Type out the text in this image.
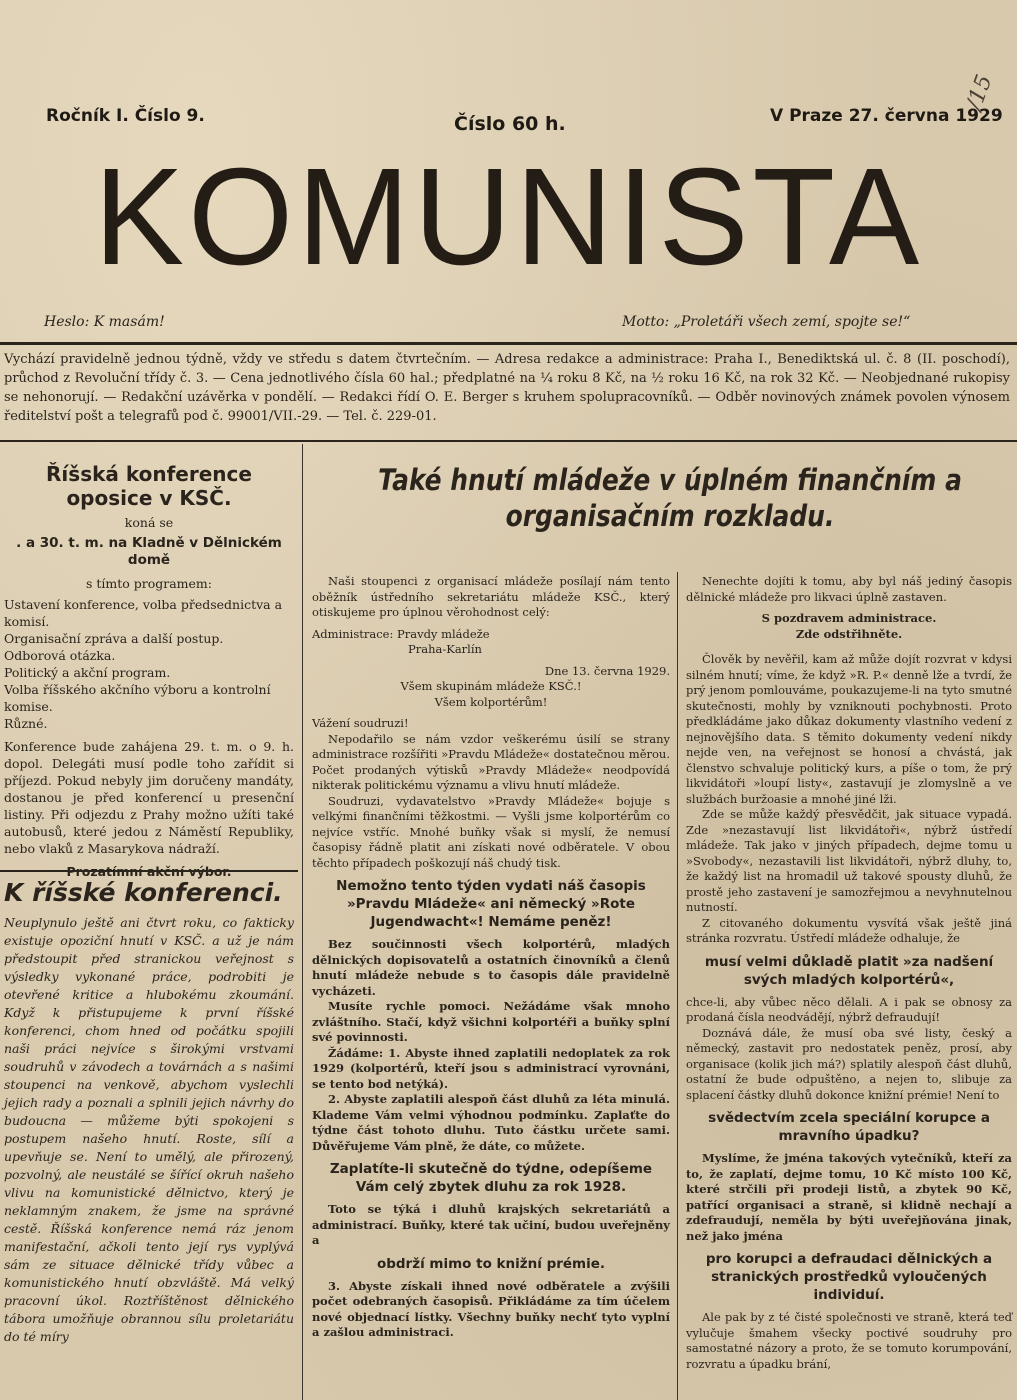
Ročník I. Číslo 9.	Číslo 60 h.	V Praze 27. června 1929
/15
KOMUNISTA
Heslo: K masám!	Motto: „Proletáři všech zemí, spojte se!“
Vychází pravidelně jednou týdně, vždy ve středu s datem čtvrtečním. — Adresa redakce a administrace: Praha I., Benediktská ul. č. 8 (II. poschodí), průchod z Revoluční třídy č. 3. — Cena jednotlivého čísla 60 hal.; předplatné na ¼ roku 8 Kč, na ½ roku 16 Kč, na rok 32 Kč. — Neobjednané rukopisy se nehonorují. — Redakční uzávěrka v pondělí. — Redakci řídí O. E. Berger s kruhem spolupracovníků. — Odběr novinových známek povolen výnosem ředitelství pošt a telegrafů pod č. 99001/VII.-29. — Tel. č. 229-01.
Říšská konference
oposice v KSČ.

koná se

. a 30. t. m. na Kladně v Dělnickém domě

s tímto programem:

Ustavení konference, volba předsednictva a komisí.

Organisační zpráva a další postup.

Odborová otázka.

Politický a akční program.

Volba říšského akčního výboru a kontrolní komise.

Různé.

Konference bude zahájena 29. t. m. o 9. h. dopol. Delegáti musí podle toho zařídit si příjezd. Pokud nebyly jim doručeny mandáty, dostanou je před konferencí u presenční listiny. Při odjezdu z Prahy možno užíti také autobusů, které jedou z Náměstí Republiky, nebo vlaků z Masarykova nádraží.

K říšské konferenci.

Neuplynulo ještě ani čtvrt roku, co fakticky existuje opoziční hnutí v KSČ. a už je nám předstoupit před stranickou veřejnost s výsledky vykonané práce, podrobiti je otevřené kritice a hlubokému zkoumání. Když k přistupujeme k první říšské konferenci, chom hned od počátku spojili naši práci nejvíce s širokými vrstvami soudruhů v závodech a továrnách a s našimi stoupenci na venkově, abychom vyslechli jejich rady a poznali a splnili jejich návrhy do budoucna — můžeme býti spokojeni s postupem našeho hnutí. Roste, sílí a upevňuje se. Není to umělý, ale přirozený, pozvolný, ale neustálé se šířící okruh našeho vlivu na komunistické dělnictvo, který je neklamným znakem, že jsme na správné cestě. Říšská konference nemá ráz jenom manifestační, ačkoli tento její rys vyplývá sám ze situace dělnické třídy vůbec a komunistického hnutí obzvláště. Má velký pracovní úkol. Roztříštěnost dělnického tábora umožňuje obrannou sílu proletariátu do té míry

Také hnutí mládeže v úplném finančním a organisačním rozkladu.

Naši stoupenci z organisací mládeže posílají nám tento oběžník ústředního sekretariátu mládeže KSČ., který otiskujeme pro úplnou věrohodnost celý:

Administrace: Pravdy mládeže

Praha-Karlín

Dne 13. června 1929.

Všem skupinám mládeže KSČ.!

Všem kolportérům!

Vážení soudruzi!

Nepodařilo se nám vzdor veškerému úsilí se strany administrace rozšířiti »Pravdu Mládeže« dostatečnou měrou. Počet prodaných výtisků »Pravdy Mládeže« neodpovídá nikterak politickému významu a vlivu hnutí mládeže.

Soudruzi, vydavatelstvo »Pravdy Mládeže« bojuje s velkými finančními těžkostmi. — Vyšli jsme kolportérům co nejvíce vstříc. Mnohé buňky však si myslí, že nemusí časopisy řádně platit ani získati nové odběratele. V obou těchto případech poškozují náš chudý tisk.

Nemožno tento týden vydati náš časopis »Pravdu Mládeže« ani německý »Rote Jugendwacht«! Nemáme peněz!

Bez součinnosti všech kolportérů, mladých dělnických dopisovatelů a ostatních činovníků a členů hnutí mládeže nebude s to časopis dále pravidelně vycházeti.

Musíte rychle pomoci. Nežádáme však mnoho zvláštního. Stačí, když všichni kolportéři a buňky splní své povinnosti.

Žádáme: 1. Abyste ihned zaplatili nedoplatek za rok 1929 (kolportérů, kteří jsou s administrací vyrovnáni, se tento bod netýká).

2. Abyste zaplatili alespoň část dluhů za léta minulá. Klademe Vám velmi výhodnou podmínku. Zaplaťte do týdne část tohoto dluhu. Tuto částku určete sami. Důvěřujeme Vám plně, že dáte, co můžete.

Zaplatíte-li skutečně do týdne, odepíšeme Vám celý zbytek dluhu za rok 1928.

Toto se týká i dluhů krajských sekretariátů a administrací. Buňky, které tak učiní, budou uveřejněny a

obdrží mimo to knižní prémie.

3. Abyste získali ihned nové odběratele a zvýšili počet odebraných časopisů. Přikládáme za tím účelem nové objednací lístky. Všechny buňky nechť tyto vyplní a zašlou administraci.

Nenechte dojíti k tomu, aby byl náš jediný časopis dělnické mládeže pro likvaci úplně zastaven.

S pozdravem administrace.

Zde odstřihněte.

Člověk by nevěřil, kam až může dojít rozvrat v kdysi silném hnutí; víme, že když »R. P.« denně lže a tvrdí, že prý jenom pomlouváme, poukazujeme-li na tyto smutné skutečnosti, mohly by vzniknouti pochybnosti. Proto předkládáme jako důkaz dokumenty vlastního vedení z nejnovějšího data. S těmito dokumenty vedení nikdy nejde ven, na veřejnost se honosí a chvástá, jak členstvo schvaluje politický kurs, a píše o tom, že prý likvidátoři »loupí listy«, zastavují je zlomyslně a ve službách buržoasie a mnohé jiné lži.

Zde se může každý přesvědčit, jak situace vypadá. Zde »nezastavují list likvidátoři«, nýbrž ústředí mládeže. Tak jako v jiných případech, dejme tomu u »Svobody«, nezastavili list likvidátoři, nýbrž dluhy, to, že každý list na hromadil už takové spousty dluhů, že prostě jeho zastavení je samozřejmou a nevyhnutelnou nutností.

Z citovaného dokumentu vysvítá však ještě jiná stránka rozvratu. Ústředí mládeže odhaluje, že

musí velmi důkladě platit »za nadšení svých mladých kolportérů«,

chce-li, aby vůbec něco dělali. A i pak se obnosy za prodaná čísla neodvádějí, nýbrž defraudují!

Doznává dále, že musí oba své listy, český a německý, zastavit pro nedostatek peněz, prosí, aby organisace (kolik jich má?) splatily alespoň část dluhů, ostatní že bude odpuštěno, a nejen to, slibuje za splacení částky dluhů dokonce knižní prémie! Není to

svědectvím zcela speciální korupce a mravního úpadku?

Myslíme, že jména takových vytečníků, kteří za to, že zaplatí, dejme tomu, 10 Kč místo 100 Kč, které strčili při prodeji listů, a zbytek 90 Kč, patřící organisaci a straně, si klidně nechají a zdefraudují, neměla by býti uveřejňována jinak, než jako jména

pro korupci a defraudaci dělnických a stranických prostředků vyloučených individuí.

Ale pak by z té čisté společnosti ve straně, která teď vylučuje šmahem všecky poctivé soudruhy pro samostatné názory a proto, že se tomuto korumpování, rozvratu a úpadku brání,
